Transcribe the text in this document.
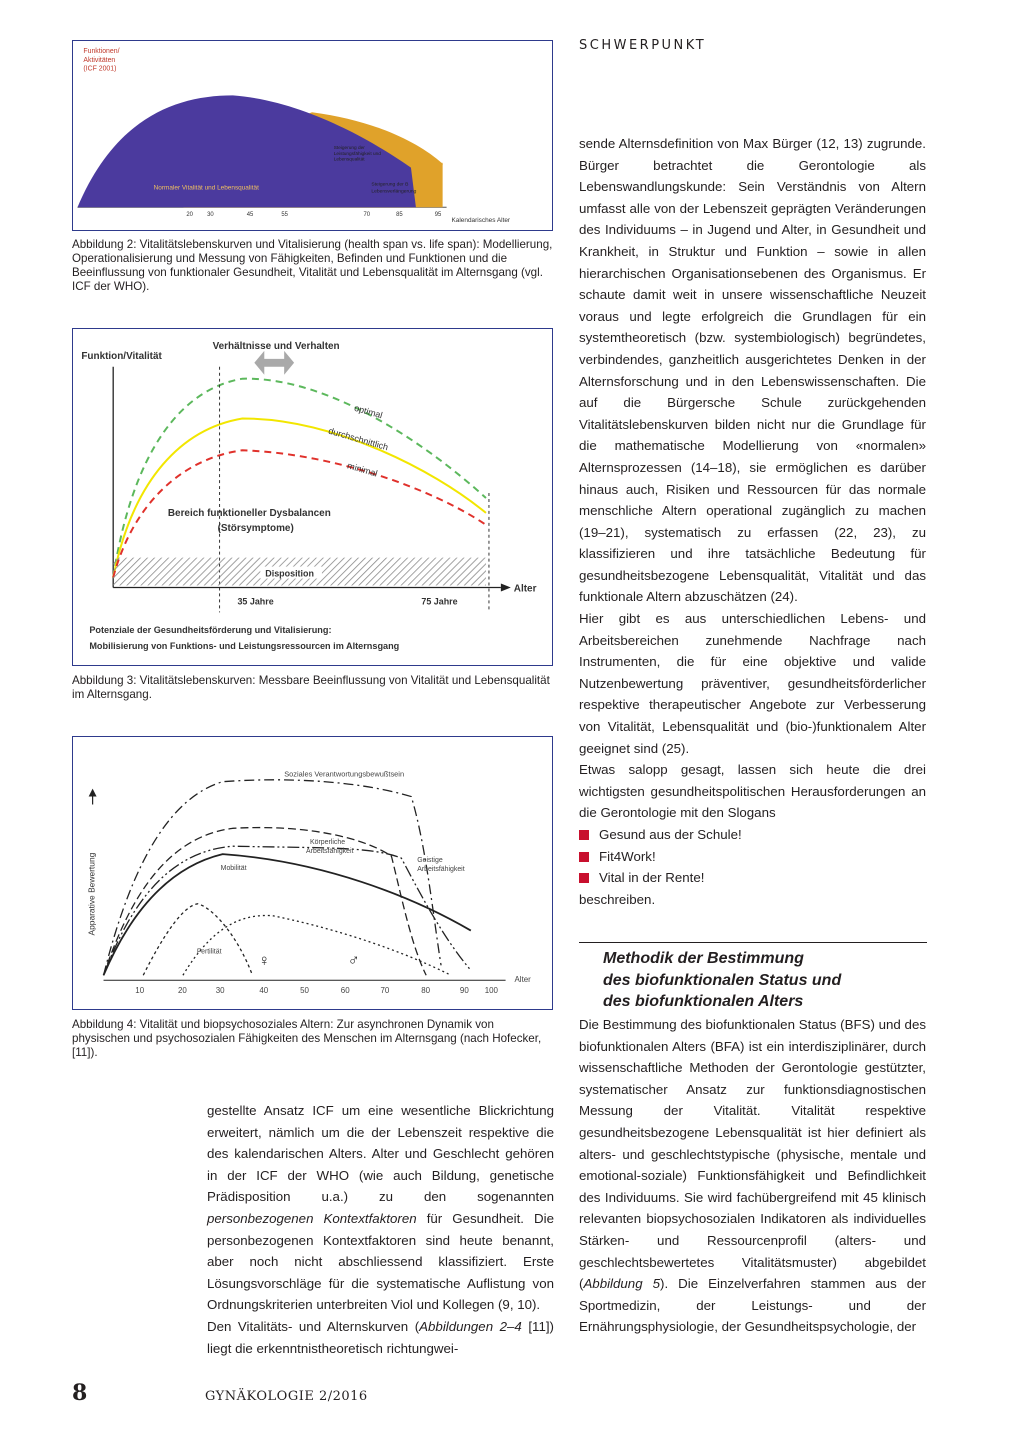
SCHWERPUNKT
Funktionen/
Aktivitäten
(ICF 2001)
Normaler Vitalität und Lebensqualität
Steigerung der
Leistungsfähigkeit und
Lebensqualität
Steigerung der B
Lebensverlängerung
20 30	45	55	70	85	95
Kalendarisches Alter

Abbildung 2: Vitalitätslebenskurven und Vitalisierung (health span vs. life span): Modellierung, Operationalisierung und Messung von Fähigkeiten, Befinden und Funktionen und die Beeinflussung von funktionaler Gesundheit, Vitalität und Lebensqualität im Alternsgang (vgl. ICF der WHO).

Verhältnisse und Verhalten
Funktion/Vitalität
optimal
durchschnittlich
minimal
Bereich funktioneller Dysbalancen
(Störsymptome)
Disposition
Alter
35 Jahre	75 Jahre
Potenziale der Gesundheitsförderung und Vitalisierung:
Mobilisierung von Funktions- und Leistungsressourcen im Alternsgang

Abbildung 3: Vitalitätslebenskurven: Messbare Beeinflussung von Vitalität und Lebensqualität im Alternsgang.

Apparative Bewertung
Soziales Verantwortungsbewußtsein
Körperliche
Arbeitsfähigkeit
Geistige
Arbeitsfähigkeit
Mobilität
Fertilität
♀	♂
Alter
10	20	30	40	50	60	70	80	90 100

Abbildung 4: Vitalität und biopsychosoziales Altern: Zur asynchronen Dynamik von physischen und psychosozialen Fähigkeiten des Menschen im Alternsgang (nach Hofecker, [11]).

gestellte Ansatz ICF um eine wesentliche Blickrichtung erweitert, nämlich um die der Lebenszeit respektive die des kalendarischen Alters. Alter und Geschlecht gehören in der ICF der WHO (wie auch Bildung, genetische Prädisposition u.a.) zu den sogenannten personbezogenen Kontextfaktoren für Gesundheit. Die personbezogenen Kontextfaktoren sind heute benannt, aber noch nicht abschliessend klassifiziert. Erste Lösungsvorschläge für die systematische Auflistung von Ordnungskriterien unterbreiten Viol und Kollegen (9, 10).

Den Vitalitäts- und Alternskurven (Abbildungen 2–4 [11]) liegt die erkenntnistheoretisch richtungwei-

sende Alternsdefinition von Max Bürger (12, 13) zugrunde. Bürger betrachtet die Gerontologie als Lebenswandlungskunde: Sein Verständnis von Altern umfasst alle von der Lebenszeit geprägten Veränderungen des Individuums – in Jugend und Alter, in Gesundheit und Krankheit, in Struktur und Funktion – sowie in allen hierarchischen Organisationsebenen des Organismus. Er schaute damit weit in unsere wissenschaftliche Neuzeit voraus und legte erfolgreich die Grundlagen für ein systemtheoretisch (bzw. systembiologisch) begründetes, verbindendes, ganzheitlich ausgerichtetes Denken in der Alternsforschung und in den Lebenswissenschaften. Die auf die Bürgersche Schule zurückgehenden Vitalitätslebenskurven bilden nicht nur die Grundlage für die mathematische Modellierung von «normalen» Alternsprozessen (14–18), sie ermöglichen es darüber hinaus auch, Risiken und Ressourcen für das normale menschliche Altern operational zugänglich zu machen (19–21), systematisch zu erfassen (22, 23), zu klassifizieren und ihre tatsächliche Bedeutung für gesundheitsbezogene Lebensqualität, Vitalität und das funktionale Altern abzuschätzen (24).

Hier gibt es aus unterschiedlichen Lebens- und Arbeitsbereichen zunehmende Nachfrage nach Instrumenten, die für eine objektive und valide Nutzenbewertung präventiver, gesundheitsförderlicher respektive therapeutischer Angebote zur Verbesserung von Vitalität, Lebensqualität und (bio-)funktionalem Alter geeignet sind (25).

Etwas salopp gesagt, lassen sich heute die drei wichtigsten gesundheitspolitischen Herausforderungen an die Gerontologie mit den Slogans

Gesund aus der Schule!
Fit4Work!
Vital in der Rente!

beschreiben.

Methodik der Bestimmung
des biofunktionalen Status und
des biofunktionalen Alters

Die Bestimmung des biofunktionalen Status (BFS) und des biofunktionalen Alters (BFA) ist ein interdisziplinärer, durch wissenschaftliche Methoden der Gerontologie gestützter, systematischer Ansatz zur funktionsdiagnostischen Messung der Vitalität. Vitalität respektive gesundheitsbezogene Lebensqualität ist hier definiert als alters- und geschlechtstypische (physische, mentale und emotional-soziale) Funktionsfähigkeit und Befindlichkeit des Individuums. Sie wird fachübergreifend mit 45 klinisch relevanten biopsychosozialen Indikatoren als individuelles Stärken- und Ressourcenprofil (alters- und geschlechtsbewertetes Vitalitätsmuster) abgebildet (Abbildung 5). Die Einzelverfahren stammen aus der Sportmedizin, der Leistungs- und der Ernährungsphysiologie, der Gesundheitspsychologie, der

8	GYNÄKOLOGIE 2/2016
